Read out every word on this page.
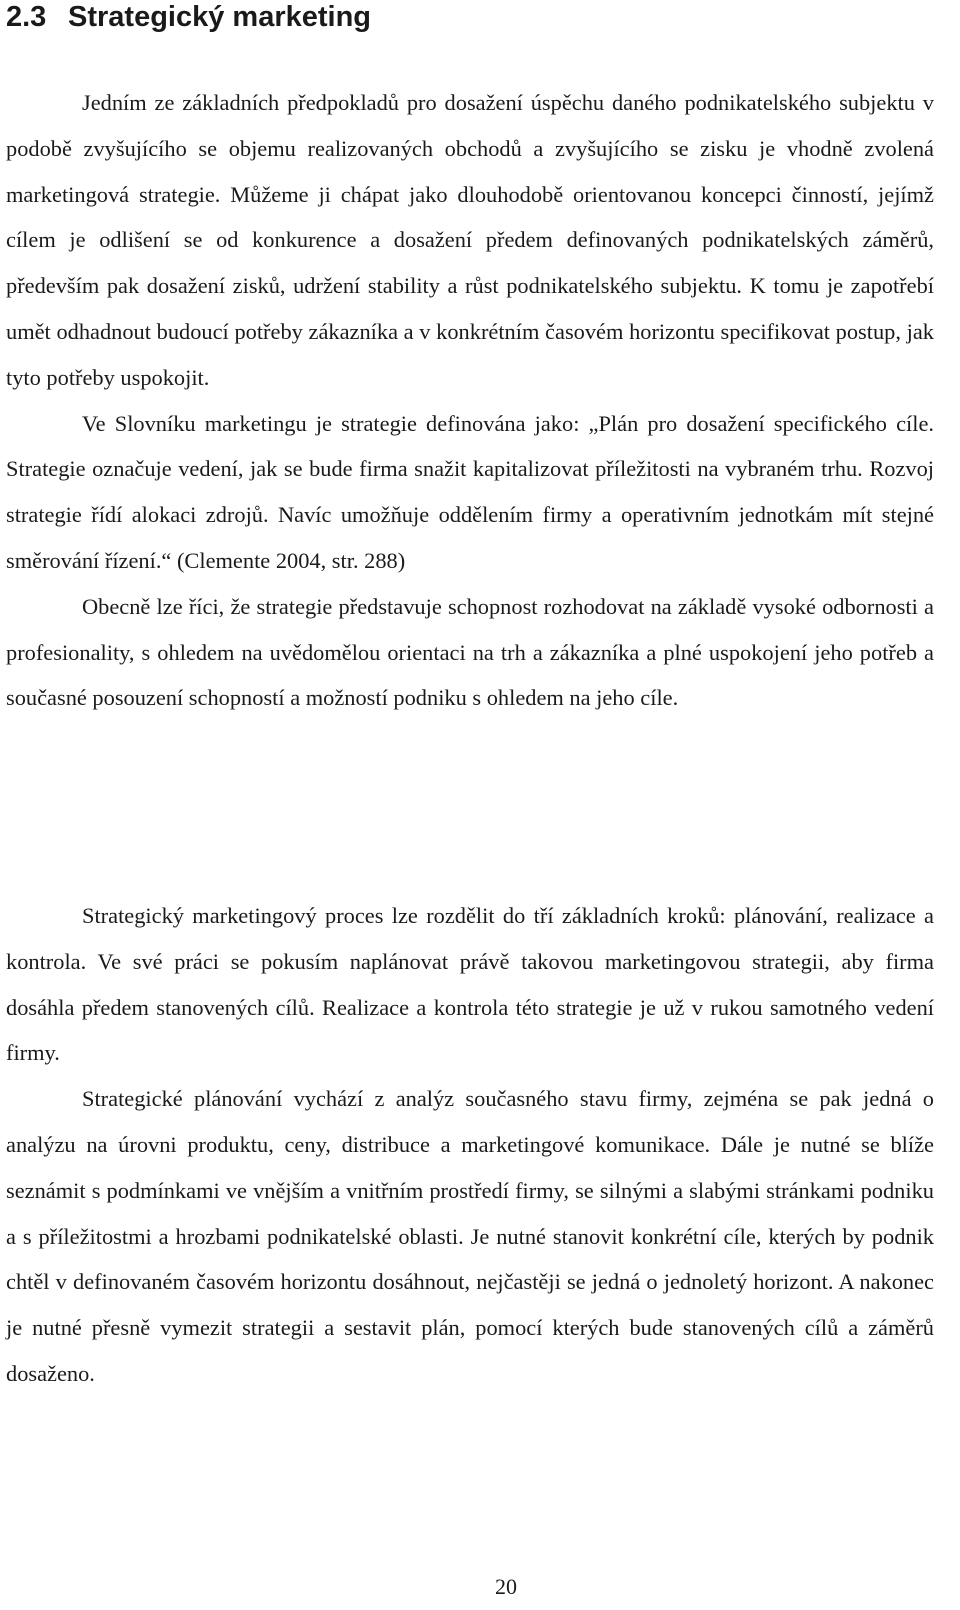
2.3 Strategický marketing

Jedním ze základních předpokladů pro dosažení úspěchu daného podnikatelského subjektu v podobě zvyšujícího se objemu realizovaných obchodů a zvyšujícího se zisku je vhodně zvolená marketingová strategie. Můžeme ji chápat jako dlouhodobě orientovanou koncepci činností, jejímž cílem je odlišení se od konkurence a dosažení předem definovaných podnikatelských záměrů, především pak dosažení zisků, udržení stability a růst podnikatelského subjektu. K tomu je zapotřebí umět odhadnout budoucí potřeby zákazníka a v konkrétním časovém horizontu specifikovat postup, jak tyto potřeby uspokojit.

Ve Slovníku marketingu je strategie definována jako: „Plán pro dosažení specifického cíle. Strategie označuje vedení, jak se bude firma snažit kapitalizovat příležitosti na vybraném trhu. Rozvoj strategie řídí alokaci zdrojů. Navíc umožňuje oddělením firmy a operativním jednotkám mít stejné směrování řízení.“ (Clemente 2004, str. 288)

Obecně lze říci, že strategie představuje schopnost rozhodovat na základě vysoké odbornosti a profesionality, s ohledem na uvědomělou orientaci na trh a zákazníka a plné uspokojení jeho potřeb a současné posouzení schopností a možností podniku s ohledem na jeho cíle.

Strategický marketingový proces lze rozdělit do tří základních kroků: plánování, realizace a kontrola. Ve své práci se pokusím naplánovat právě takovou marketingovou strategii, aby firma dosáhla předem stanovených cílů. Realizace a kontrola této strategie je už v rukou samotného vedení firmy.

Strategické plánování vychází z analýz současného stavu firmy, zejména se pak jedná o analýzu na úrovni produktu, ceny, distribuce a marketingové komunikace. Dále je nutné se blíže seznámit s podmínkami ve vnějším a vnitřním prostředí firmy, se silnými a slabými stránkami podniku a s příležitostmi a hrozbami podnikatelské oblasti. Je nutné stanovit konkrétní cíle, kterých by podnik chtěl v definovaném časovém horizontu dosáhnout, nejčastěji se jedná o jednoletý horizont. A nakonec je nutné přesně vymezit strategii a sestavit plán, pomocí kterých bude stanovených cílů a záměrů dosaženo.

20
